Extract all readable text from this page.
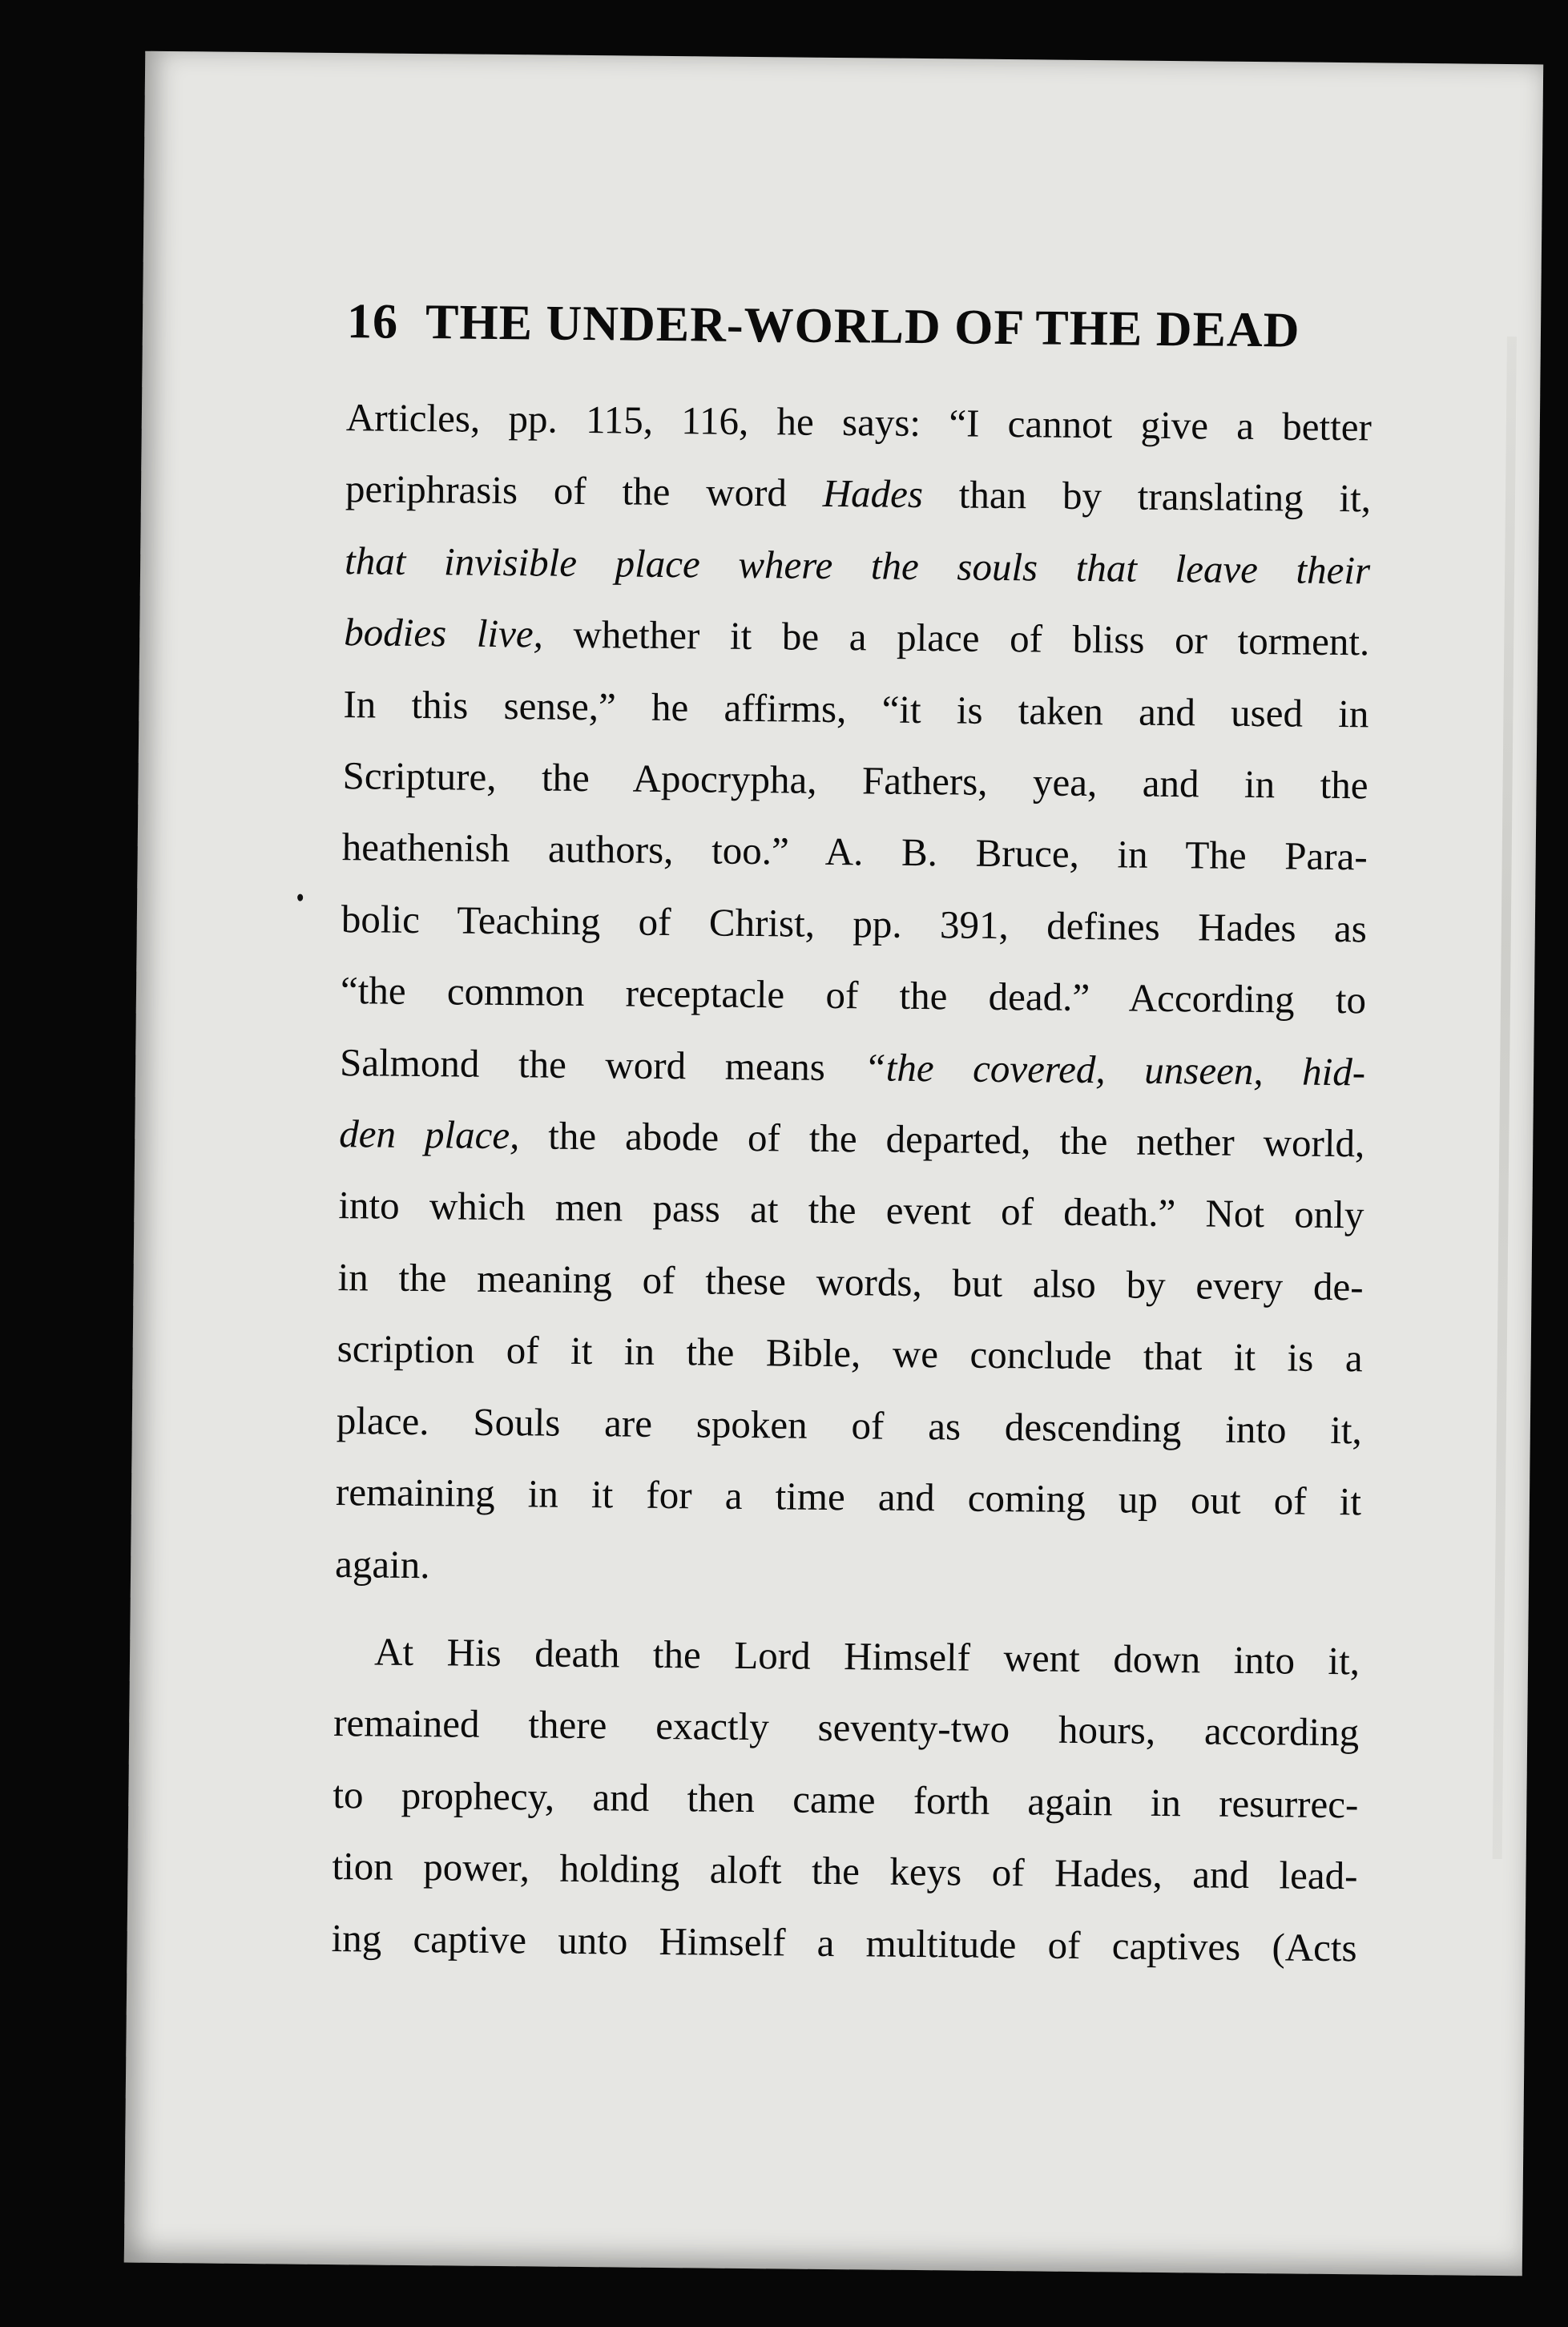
16 THE UNDER-WORLD OF THE DEAD
Articles, pp. 115, 116, he says: “I cannot give a better
periphrasis of the word Hades than by translating it,
that invisible place where the souls that leave their
bodies live, whether it be a place of bliss or torment.
In this sense,” he affirms, “it is taken and used in
Scripture, the Apocrypha, Fathers, yea, and in the
heathenish authors, too.” A. B. Bruce, in The Para-
bolic Teaching of Christ, pp. 391, defines Hades as
“the common receptacle of the dead.” According to
Salmond the word means “the covered, unseen, hid-
den place, the abode of the departed, the nether world,
into which men pass at the event of death.” Not only
in the meaning of these words, but also by every de-
scription of it in the Bible, we conclude that it is a
place. Souls are spoken of as descending into it,
remaining in it for a time and coming up out of it
again.
At His death the Lord Himself went down into it,
remained there exactly seventy-two hours, according
to prophecy, and then came forth again in resurrec-
tion power, holding aloft the keys of Hades, and lead-
ing captive unto Himself a multitude of captives (Acts
